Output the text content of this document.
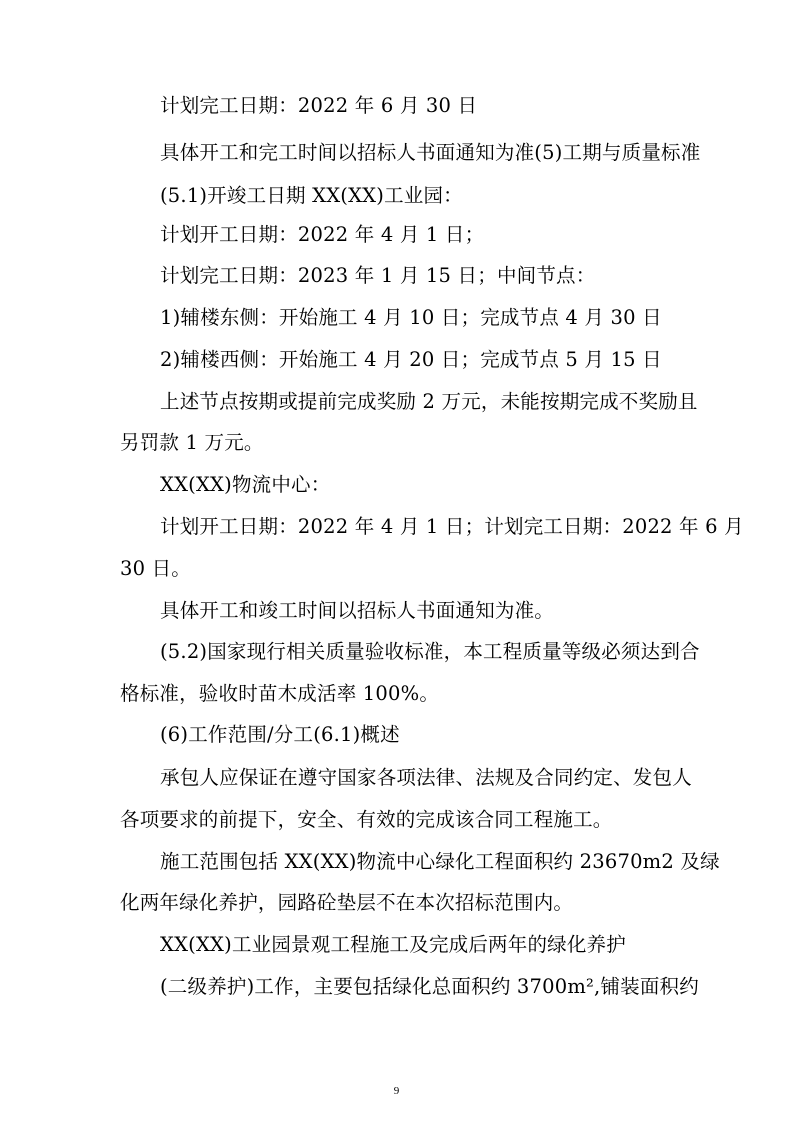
计划完工日期：2022 年 6 月 30 日
具体开工和完工时间以招标人书面通知为准(5)工期与质量标准
(5.1)开竣工日期 XX(XX)工业园：
计划开工日期：2022 年 4 月 1 日；
计划完工日期：2023 年 1 月 15 日；中间节点：
1)辅楼东侧：开始施工 4 月 10 日；完成节点 4 月 30 日
2)辅楼西侧：开始施工 4 月 20 日；完成节点 5 月 15 日
上述节点按期或提前完成奖励 2 万元，未能按期完成不奖励且
另罚款 1 万元。
XX(XX)物流中心：
计划开工日期：2022 年 4 月 1 日；计划完工日期：2022 年 6 月
30 日。
具体开工和竣工时间以招标人书面通知为准。
(5.2)国家现行相关质量验收标准，本工程质量等级必须达到合
格标准，验收时苗木成活率 100%。
(6)工作范围/分工(6.1)概述
承包人应保证在遵守国家各项法律、法规及合同约定、发包人
各项要求的前提下，安全、有效的完成该合同工程施工。
施工范围包括 XX(XX)物流中心绿化工程面积约 23670m2 及绿
化两年绿化养护，园路砼垫层不在本次招标范围内。
XX(XX)工业园景观工程施工及完成后两年的绿化养护
(二级养护)工作，主要包括绿化总面积约 3700m²,铺装面积约
9
